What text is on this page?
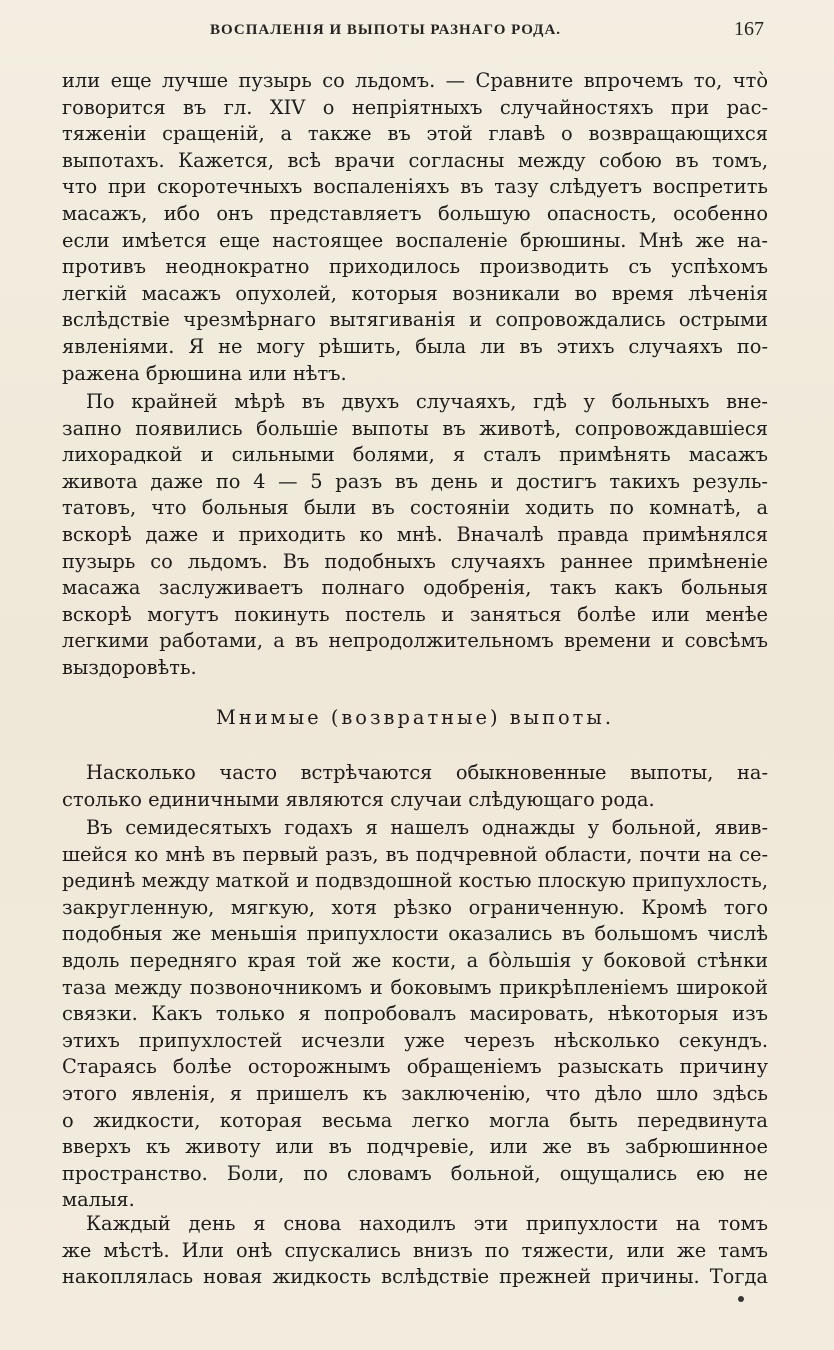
ВОСПАЛЕНІЯ И ВЫПОТЫ РАЗНАГО РОДА.	167

или еще лучше пузырь со льдомъ. — Сравните впрочемъ то, что̀

говорится въ гл. XIV о непріятныхъ случайностяхъ при рас-

тяженіи сращеній, а также въ этой главѣ о возвращающихся

выпотахъ. Кажется, всѣ врачи согласны между собою въ томъ,

что при скоротечныхъ воспаленіяхъ въ тазу слѣдуетъ воспретить

масажъ, ибо онъ представляетъ большую опасность, особенно

если имѣется еще настоящее воспаленіе брюшины. Мнѣ же на-

противъ неоднократно приходилось производить съ успѣхомъ

легкій масажъ опухолей, которыя возникали во время лѣченія

вслѣдствіе чрезмѣрнаго вытягиванія и сопровождались острыми

явленіями. Я не могу рѣшить, была ли въ этихъ случаяхъ по-

ражена брюшина или нѣтъ.

По крайней мѣрѣ въ двухъ случаяхъ, гдѣ у больныхъ вне-

запно появились большіе выпоты въ животѣ, сопровождавшіеся

лихорадкой и сильными болями, я сталъ примѣнять масажъ

живота даже по 4 — 5 разъ въ день и достигъ такихъ резуль-

татовъ, что больныя были въ состояніи ходить по комнатѣ, а

вскорѣ даже и приходить ко мнѣ. Вначалѣ правда примѣнялся

пузырь со льдомъ. Въ подобныхъ случаяхъ раннее примѣненіе

масажа заслуживаетъ полнаго одобренія, такъ какъ больныя

вскорѣ могутъ покинуть постель и заняться болѣе или менѣе

легкими работами, а въ непродолжительномъ времени и совсѣмъ

выздоровѣть.

Мнимые (возвратные) выпоты.

Насколько часто встрѣчаются обыкновенные выпоты, на-

столько единичными являются случаи слѣдующаго рода.

Въ семидесятыхъ годахъ я нашелъ однажды у больной, явив-

шейся ко мнѣ въ первый разъ, въ подчревной области, почти на се-

рединѣ между маткой и подвздошной костью плоскую припухлость,

закругленную, мягкую, хотя рѣзко ограниченную. Кромѣ того

подобныя же меньшія припухлости оказались въ большомъ числѣ

вдоль передняго края той же кости, а бо̀льшія у боковой стѣнки

таза между позвоночникомъ и боковымъ прикрѣпленіемъ широкой

связки. Какъ только я попробовалъ масировать, нѣкоторыя изъ

этихъ припухлостей исчезли уже черезъ нѣсколько секундъ.

Стараясь болѣе осторожнымъ обращеніемъ разыскать причину

этого явленія, я пришелъ къ заключенію, что дѣло шло здѣсь

о жидкости, которая весьма легко могла быть передвинута

вверхъ къ животу или въ подчревіе, или же въ забрюшинное

пространство. Боли, по словамъ больной, ощущались ею не

малыя.

Каждый день я снова находилъ эти припухлости на томъ

же мѣстѣ. Или онѣ спускались внизъ по тяжести, или же тамъ

накоплялась новая жидкость вслѣдствіе прежней причины. Тогда
